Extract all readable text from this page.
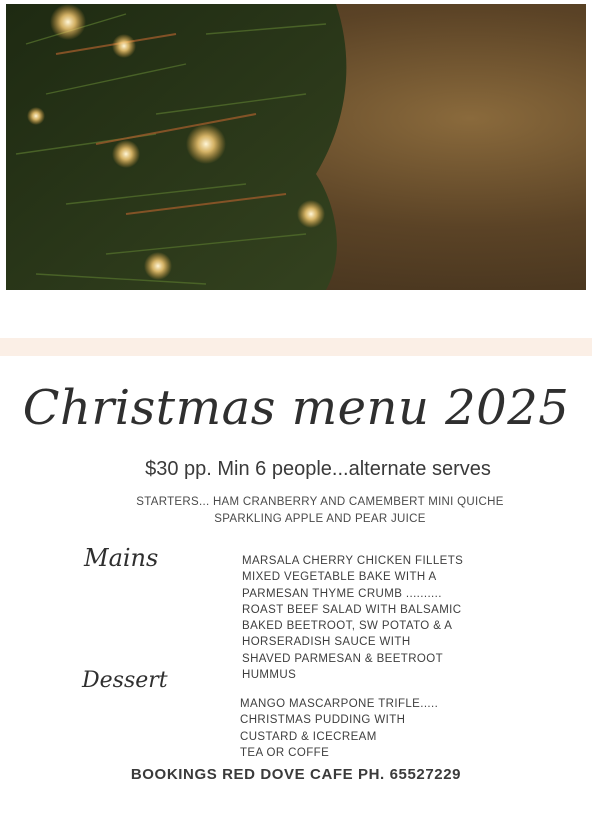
Christmas menu 2025
$30 pp. Min 6 people...alternate serves
STARTERS... HAM CRANBERRY AND CAMEMBERT MINI QUICHE
SPARKLING APPLE AND PEAR JUICE
Mains	MARSALA CHERRY CHICKEN FILLETS
MIXED VEGETABLE BAKE WITH A
PARMESAN THYME CRUMB ..........
ROAST BEEF SALAD WITH BALSAMIC
BAKED BEETROOT, SW POTATO & A
HORSERADISH SAUCE WITH
SHAVED PARMESAN & BEETROOT
HUMMUS
Dessert
MANGO MASCARPONE TRIFLE.....
CHRISTMAS PUDDING WITH
CUSTARD & ICECREAM
TEA OR COFFE
BOOKINGS RED DOVE CAFE PH. 65527229
